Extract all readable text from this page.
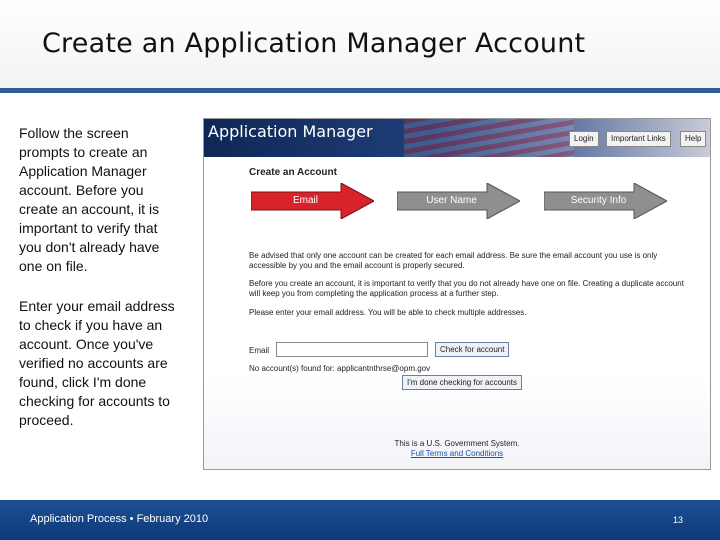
Create an Application Manager Account
Follow the screen prompts to create an Application Manager account. Before you create an account, it is important to verify that you don't already have one on file.
Enter your email address to check if you have an account. Once you've verified no accounts are found, click I'm done checking for accounts to proceed.
Application Manager	Login	Important Links	Help
Create an Account
Email	User Name	Security Info
Be advised that only one account can be created for each email address. Be sure the email account you use is only accessible by you and the email account is properly secured.
Before you create an account, it is important to verify that you do not already have one on file. Creating a duplicate account will keep you from completing the application process at a further step.
Please enter your email address. You will be able to check multiple addresses.
Email	Check for account
No account(s) found for: applicantnthrse@opm.gov
I'm done checking for accounts
This is a U.S. Government System.
Full Terms and Conditions
Application Process • February 2010	13
